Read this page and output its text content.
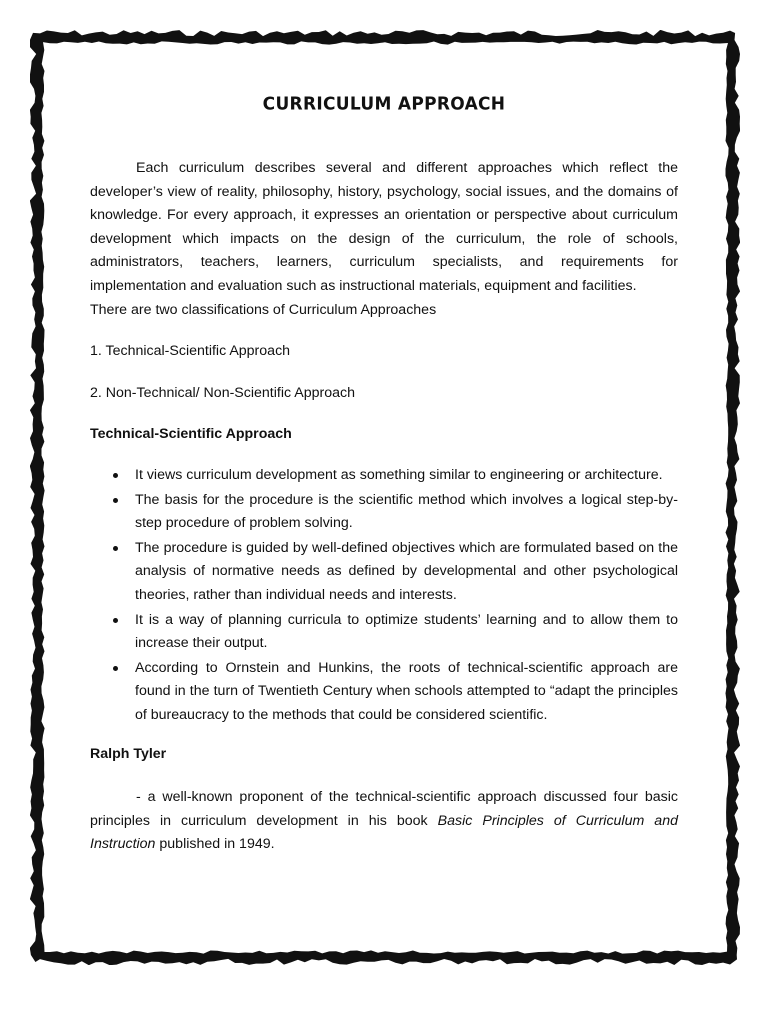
CURRICULUM APPROACH

Each curriculum describes several and different approaches which reflect the developer’s view of reality, philosophy, history, psychology, social issues, and the domains of knowledge. For every approach, it expresses an orientation or perspective about curriculum development which impacts on the design of the curriculum, the role of schools, administrators, teachers, learners, curriculum specialists, and requirements for implementation and evaluation such as instructional materials, equipment and facilities.

There are two classifications of Curriculum Approaches

1. Technical-Scientific Approach

2. Non-Technical/ Non-Scientific Approach

Technical-Scientific Approach

It views curriculum development as something similar to engineering or architecture.
The basis for the procedure is the scientific method which involves a logical step-by-step procedure of problem solving.
The procedure is guided by well-defined objectives which are formulated based on the analysis of normative needs as defined by developmental and other psychological theories, rather than individual needs and interests.
It is a way of planning curricula to optimize students’ learning and to allow them to increase their output.
According to Ornstein and Hunkins, the roots of technical-scientific approach are found in the turn of Twentieth Century when schools attempted to “adapt the principles of bureaucracy to the methods that could be considered scientific.

Ralph Tyler

- a well-known proponent of the technical-scientific approach discussed four basic principles in curriculum development in his book Basic Principles of Curriculum and Instruction published in 1949.
